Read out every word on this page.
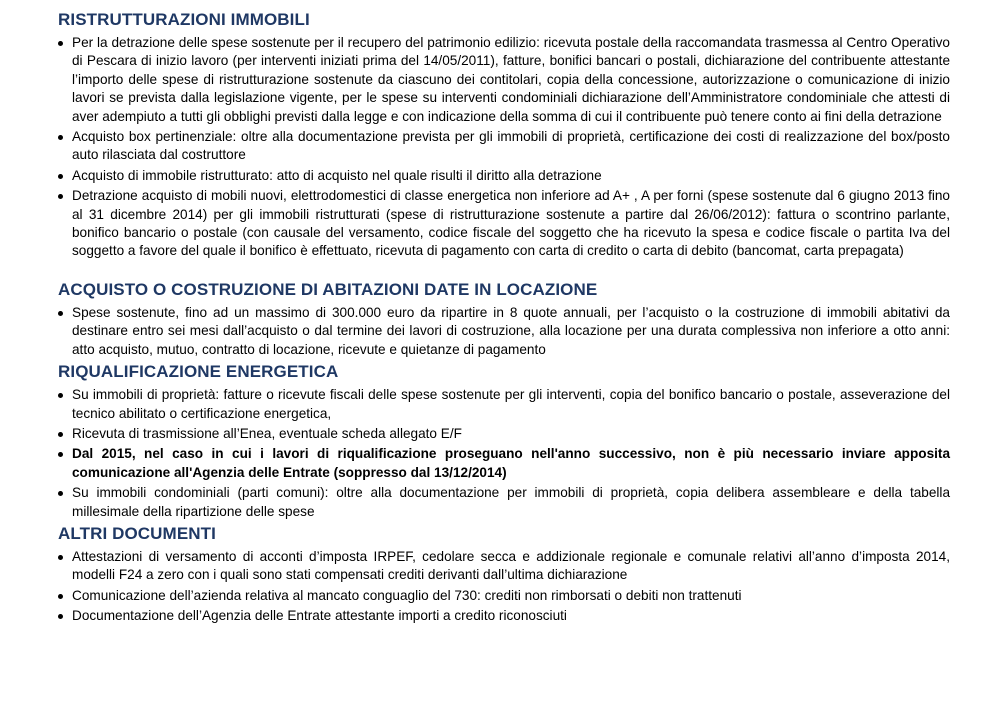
RISTRUTTURAZIONI IMMOBILI
Per la detrazione delle spese sostenute per il recupero del patrimonio edilizio: ricevuta postale della raccomandata trasmessa al Centro Operativo di Pescara di inizio lavoro (per interventi iniziati prima del 14/05/2011), fatture, bonifici bancari o postali, dichiarazione del contribuente attestante l’importo delle spese di ristrutturazione sostenute da ciascuno dei contitolari, copia della concessione, autorizzazione o comunicazione di inizio lavori se prevista dalla legislazione vigente, per le spese su interventi condominiali dichiarazione dell’Amministratore condominiale che attesti di aver adempiuto a tutti gli obblighi previsti dalla legge e con indicazione della somma di cui il contribuente può tenere conto ai fini della detrazione
Acquisto box pertinenziale: oltre alla documentazione prevista per gli immobili di proprietà, certificazione dei costi di realizzazione del box/posto auto rilasciata dal costruttore
Acquisto di immobile ristrutturato: atto di acquisto nel quale risulti il diritto alla detrazione
Detrazione acquisto di mobili nuovi, elettrodomestici di classe energetica non inferiore ad A+ , A per forni (spese sostenute dal 6 giugno 2013 fino al 31 dicembre 2014) per gli immobili ristrutturati (spese di ristrutturazione sostenute a partire dal 26/06/2012): fattura o scontrino parlante, bonifico bancario o postale (con causale del versamento, codice fiscale del soggetto che ha ricevuto la spesa e codice fiscale o partita Iva del soggetto a favore del quale il bonifico è effettuato, ricevuta di pagamento con carta di credito o carta di debito (bancomat, carta prepagata)
ACQUISTO O COSTRUZIONE DI ABITAZIONI DATE IN LOCAZIONE
Spese sostenute, fino ad un massimo di 300.000 euro da ripartire in 8 quote annuali, per l’acquisto o la costruzione di immobili abitativi da destinare entro sei mesi dall’acquisto o dal termine dei lavori di costruzione, alla locazione per una durata complessiva non inferiore a otto anni: atto acquisto, mutuo, contratto di locazione, ricevute e quietanze di pagamento
RIQUALIFICAZIONE ENERGETICA
Su immobili di proprietà: fatture o ricevute fiscali delle spese sostenute per gli interventi, copia del bonifico bancario o postale, asseverazione del tecnico abilitato o certificazione energetica,
Ricevuta di trasmissione all’Enea, eventuale scheda allegato E/F
Dal 2015, nel caso in cui i lavori di riqualificazione proseguano nell'anno successivo, non è più necessario inviare apposita comunicazione all'Agenzia delle Entrate (soppresso dal 13/12/2014)
Su immobili condominiali (parti comuni): oltre alla documentazione per immobili di proprietà, copia delibera assembleare e della tabella millesimale della ripartizione delle spese
ALTRI DOCUMENTI
Attestazioni di versamento di acconti d’imposta IRPEF, cedolare secca e addizionale regionale e comunale relativi all’anno d’imposta 2014, modelli F24 a zero con i quali sono stati compensati crediti derivanti dall’ultima dichiarazione
Comunicazione dell’azienda relativa al mancato conguaglio del 730: crediti non rimborsati o debiti non trattenuti
Documentazione dell’Agenzia delle Entrate attestante importi a credito riconosciuti
